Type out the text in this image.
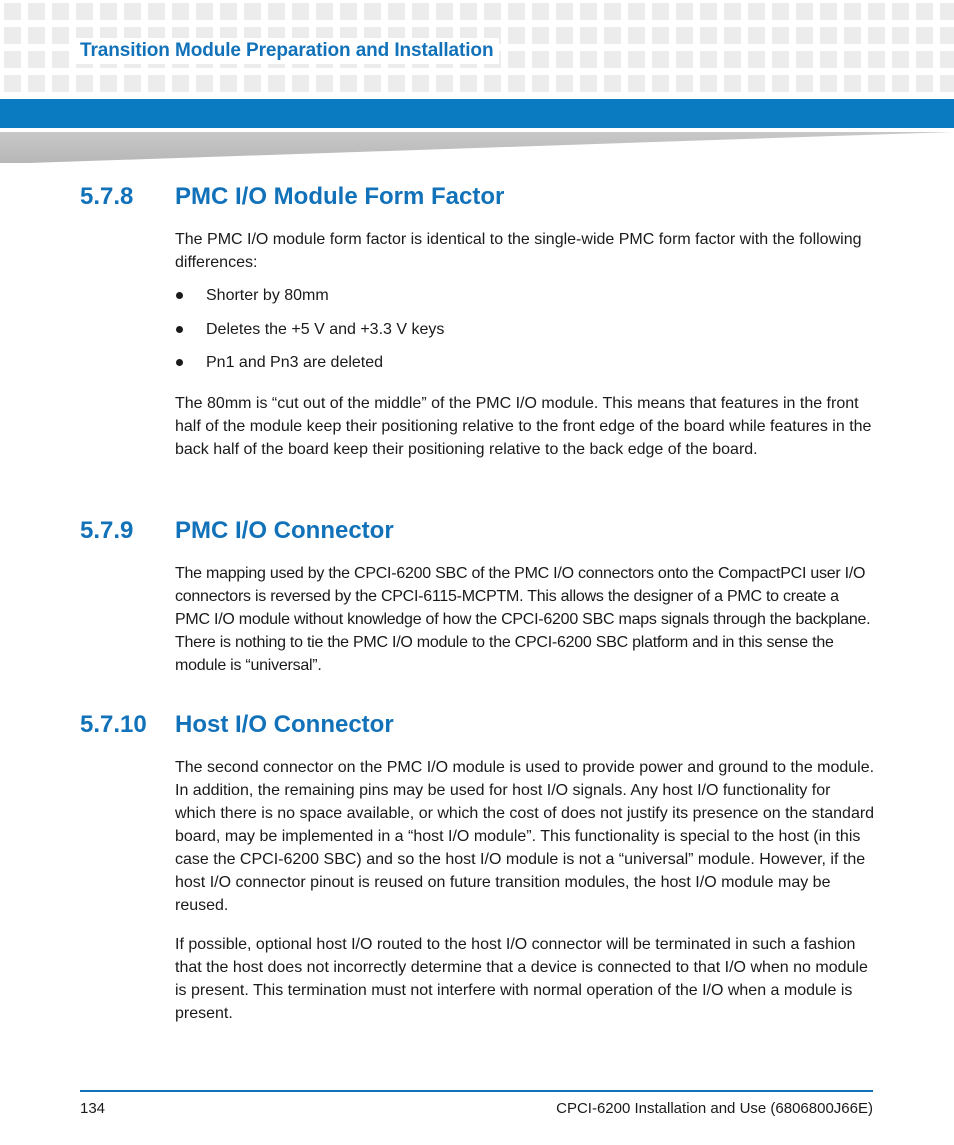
Transition Module Preparation and Installation
5.7.8 PMC I/O Module Form Factor

The PMC I/O module form factor is identical to the single-wide PMC form factor with the following differences:

Shorter by 80mm
Deletes the +5 V and +3.3 V keys
Pn1 and Pn3 are deleted

The 80mm is “cut out of the middle” of the PMC I/O module. This means that features in the front half of the module keep their positioning relative to the front edge of the board while features in the back half of the board keep their positioning relative to the back edge of the board.

5.7.9 PMC I/O Connector

The mapping used by the CPCI-6200 SBC of the PMC I/O connectors onto the CompactPCI user I/O connectors is reversed by the CPCI-6115-MCPTM. This allows the designer of a PMC to create a PMC I/O module without knowledge of how the CPCI-6200 SBC maps signals through the backplane. There is nothing to tie the PMC I/O module to the CPCI-6200 SBC platform and in this sense the module is “universal”.

5.7.10 Host I/O Connector

The second connector on the PMC I/O module is used to provide power and ground to the module. In addition, the remaining pins may be used for host I/O signals. Any host I/O functionality for which there is no space available, or which the cost of does not justify its presence on the standard board, may be implemented in a “host I/O module”. This functionality is special to the host (in this case the CPCI-6200 SBC) and so the host I/O module is not a “universal” module. However, if the host I/O connector pinout is reused on future transition modules, the host I/O module may be reused.

If possible, optional host I/O routed to the host I/O connector will be terminated in such a fashion that the host does not incorrectly determine that a device is connected to that I/O when no module is present. This termination must not interfere with normal operation of the I/O when a module is present.

134	CPCI-6200 Installation and Use (6806800J66E)
